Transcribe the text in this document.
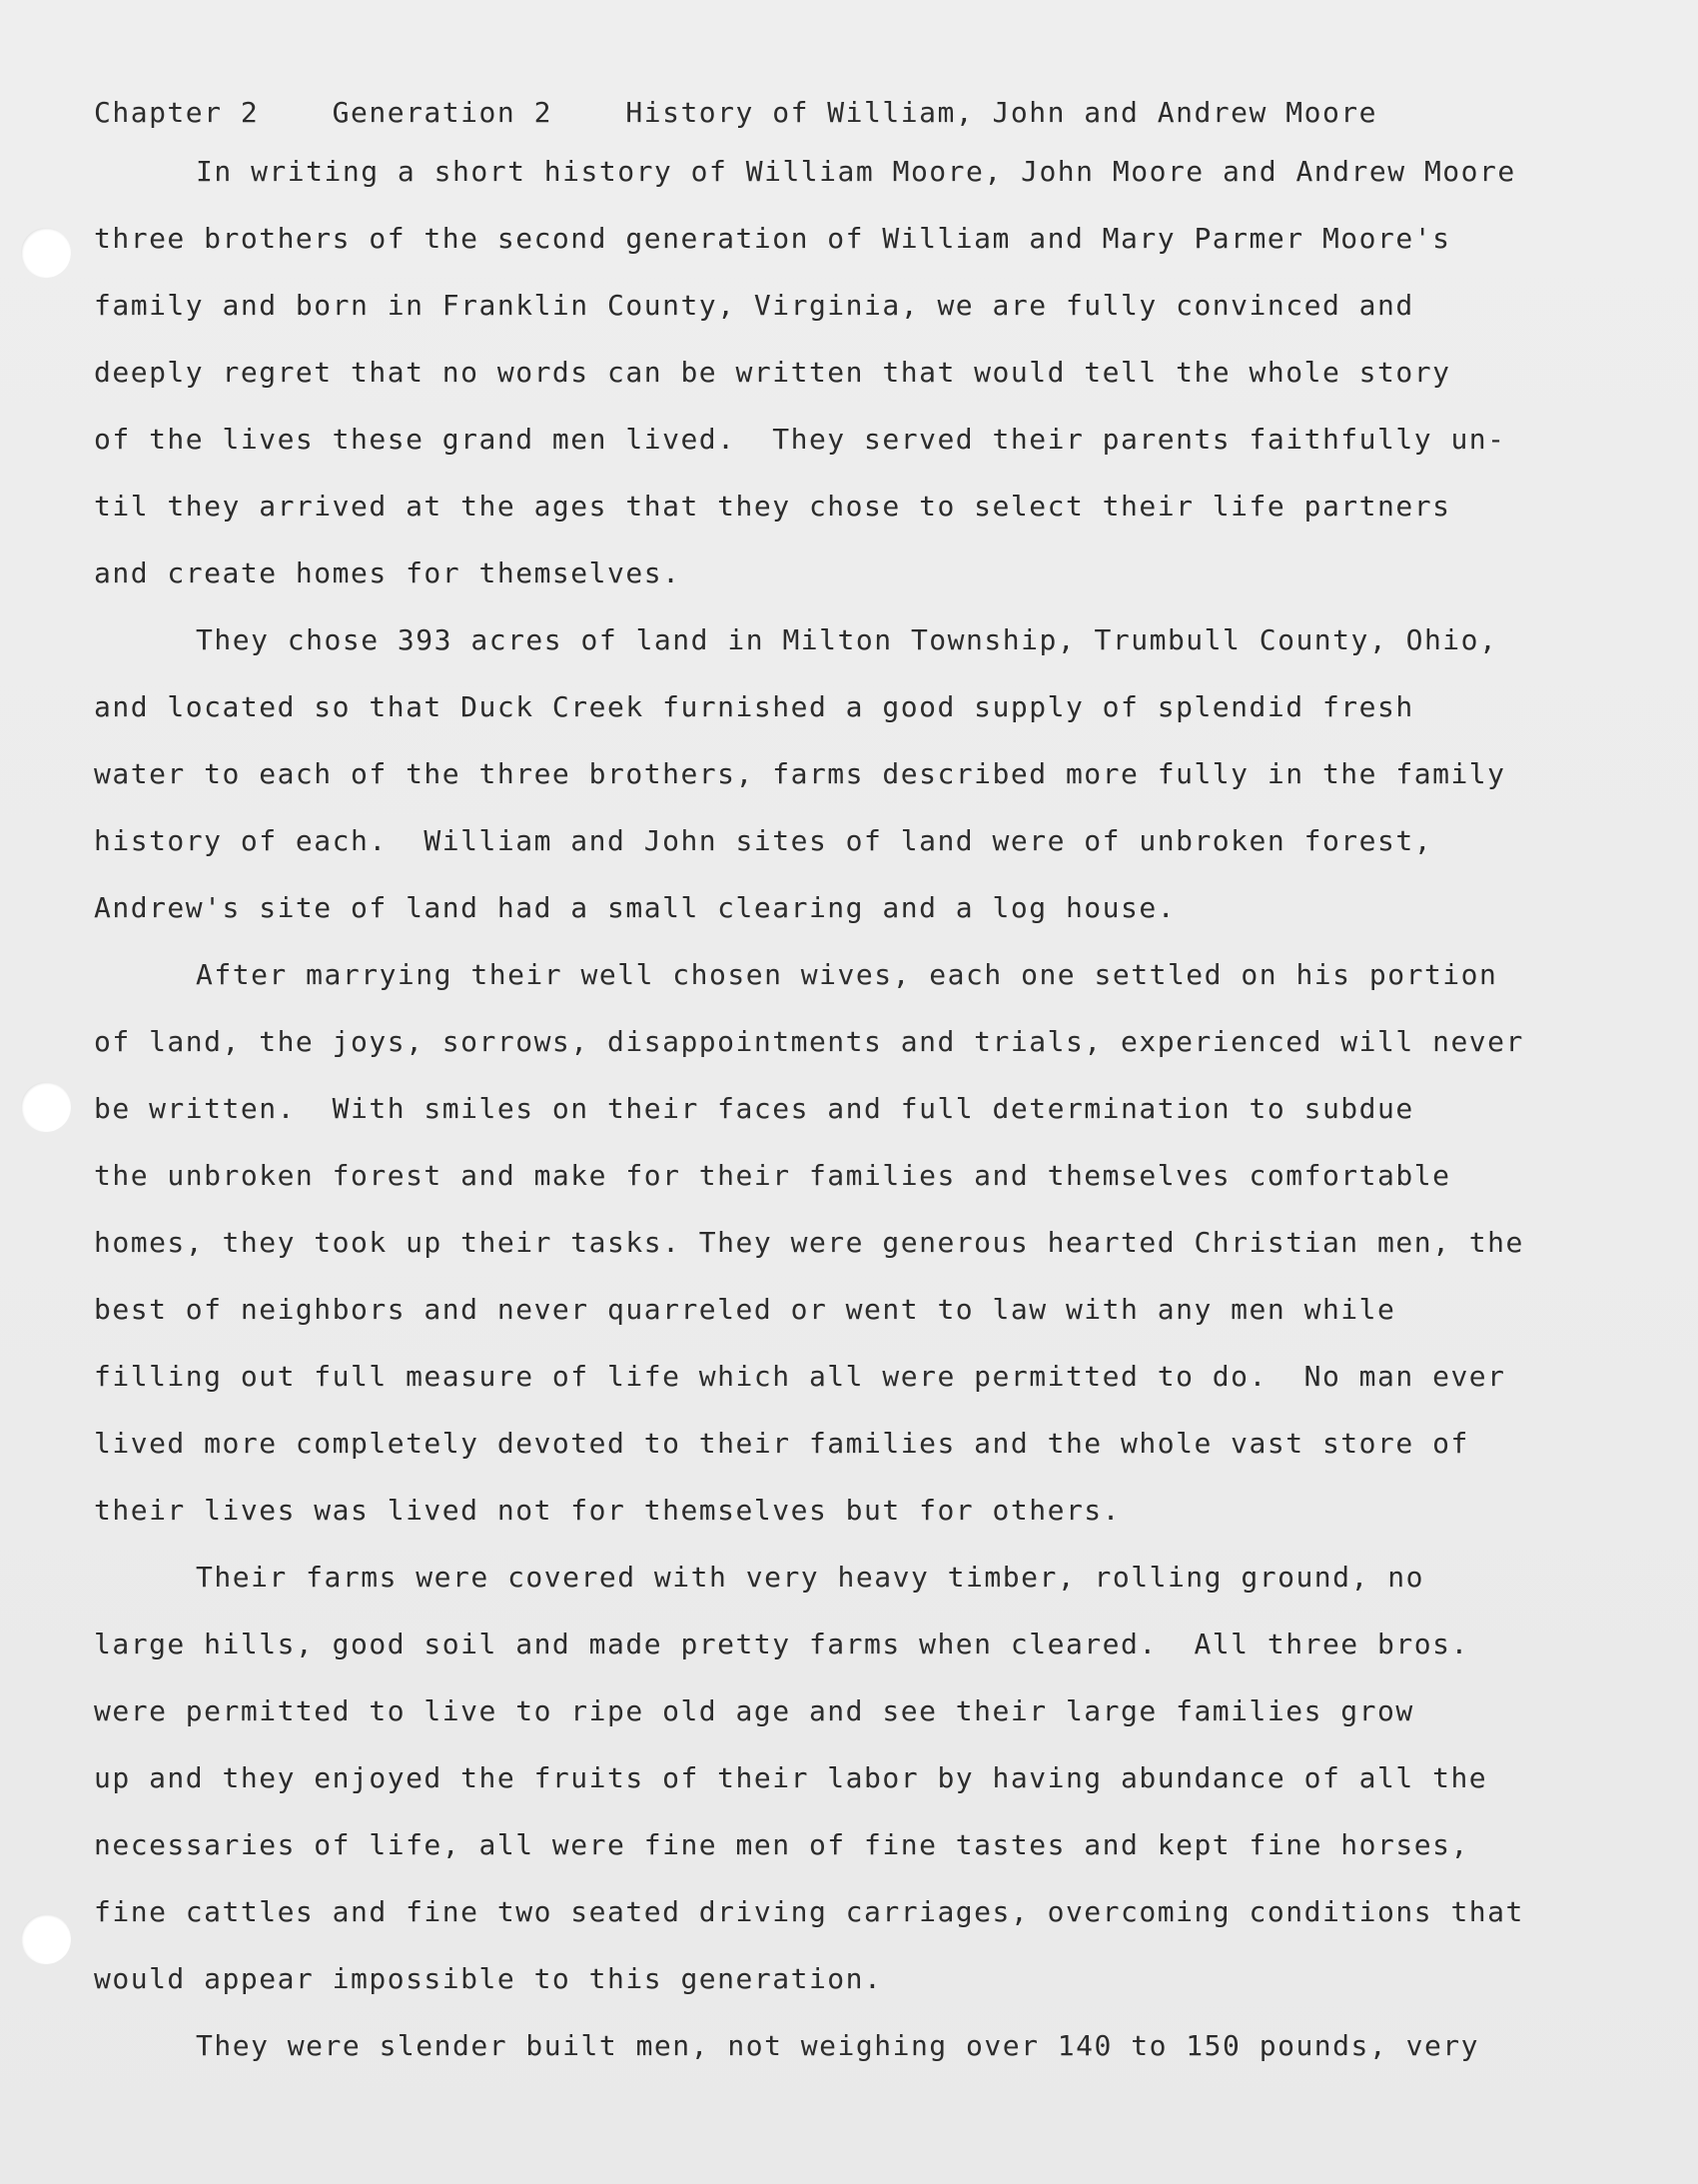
Chapter 2    Generation 2    History of William, John and Andrew Moore
In writing a short history of William Moore, John Moore and Andrew Moore
three brothers of the second generation of William and Mary Parmer Moore's
family and born in Franklin County, Virginia, we are fully convinced and
deeply regret that no words can be written that would tell the whole story
of the lives these grand men lived.  They served their parents faithfully un-
til they arrived at the ages that they chose to select their life partners
and create homes for themselves.
They chose 393 acres of land in Milton Township, Trumbull County, Ohio,
and located so that Duck Creek furnished a good supply of splendid fresh
water to each of the three brothers, farms described more fully in the family
history of each.  William and John sites of land were of unbroken forest,
Andrew's site of land had a small clearing and a log house.
After marrying their well chosen wives, each one settled on his portion
of land, the joys, sorrows, disappointments and trials, experienced will never
be written.  With smiles on their faces and full determination to subdue
the unbroken forest and make for their families and themselves comfortable
homes, they took up their tasks. They were generous hearted Christian men, the
best of neighbors and never quarreled or went to law with any men while
filling out full measure of life which all were permitted to do.  No man ever
lived more completely devoted to their families and the whole vast store of
their lives was lived not for themselves but for others.
Their farms were covered with very heavy timber, rolling ground, no
large hills, good soil and made pretty farms when cleared.  All three bros.
were permitted to live to ripe old age and see their large families grow
up and they enjoyed the fruits of their labor by having abundance of all the
necessaries of life, all were fine men of fine tastes and kept fine horses,
fine cattles and fine two seated driving carriages, overcoming conditions that
would appear impossible to this generation.
They were slender built men, not weighing over 140 to 150 pounds, very
